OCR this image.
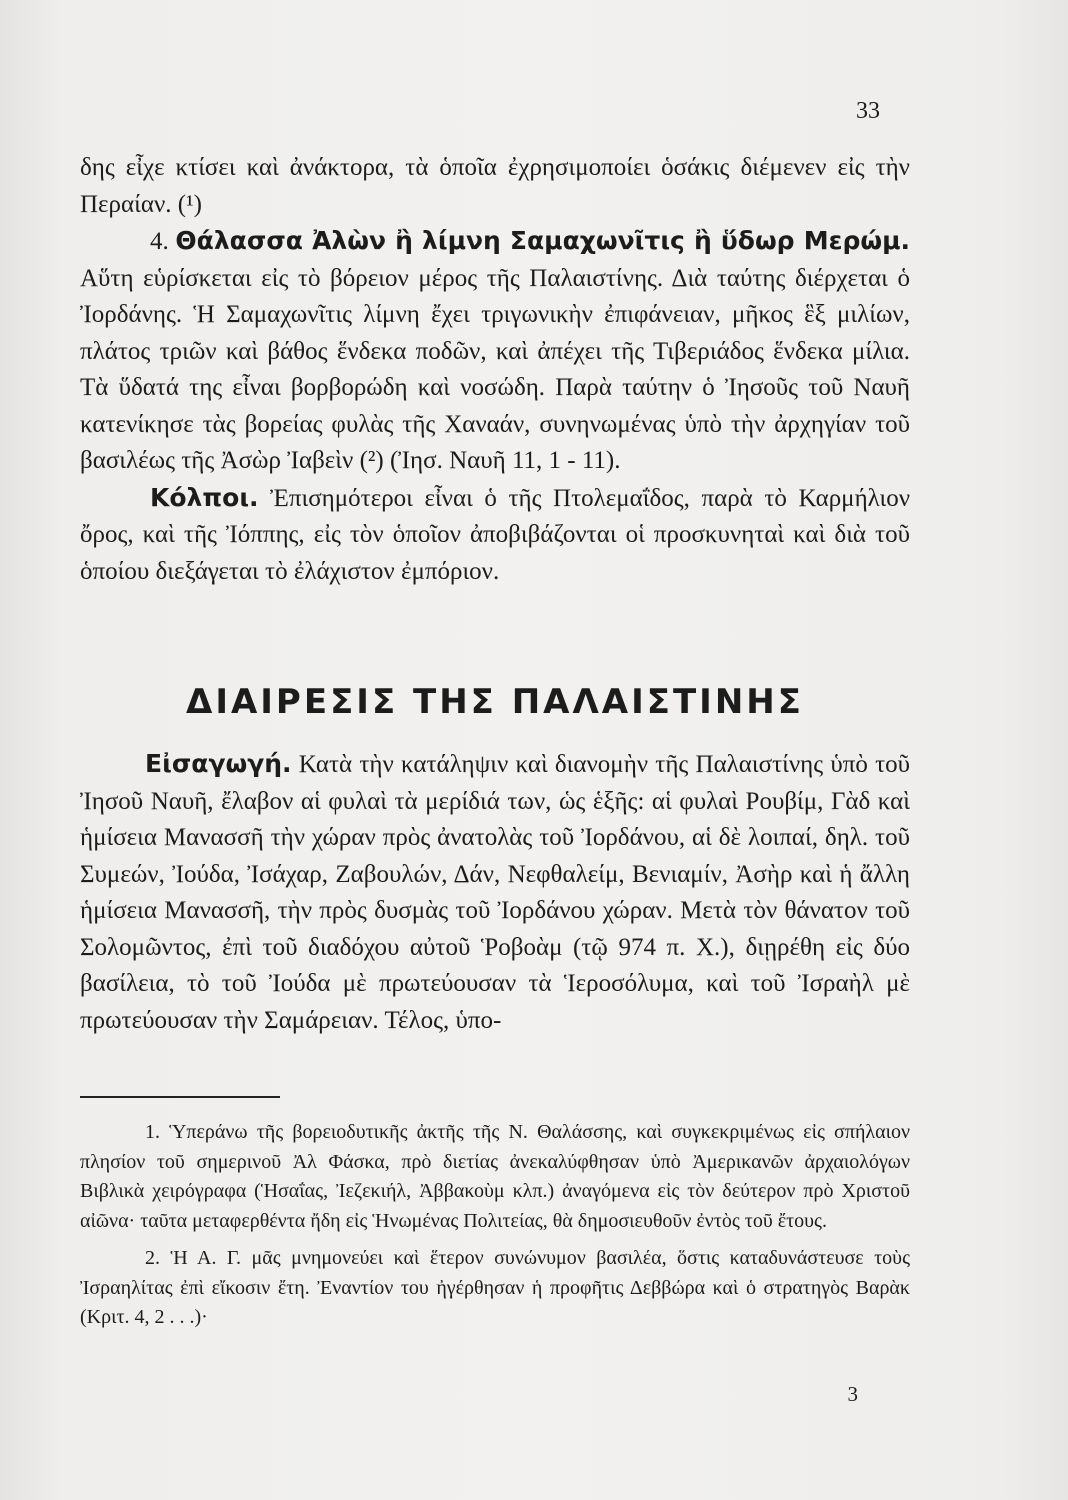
33

δης εἶχε κτίσει καὶ ἀνάκτορα, τὰ ὁποῖα ἐχρησιμοποίει ὁσάκις διέμενεν εἰς τὴν Περαίαν. (¹)

4. Θάλασσα Ἀλὼν ἢ λίμνη Σαμαχωνῖτις ἢ ὕδωρ Μερώμ. Αὕτη εὑρίσκεται εἰς τὸ βόρειον μέρος τῆς Παλαιστίνης. Διὰ ταύτης διέρχεται ὁ Ἰορδάνης. Ἡ Σαμαχωνῖτις λίμνη ἔχει τριγωνικὴν ἐπιφάνειαν, μῆκος ἓξ μιλίων, πλάτος τριῶν καὶ βάθος ἕνδεκα ποδῶν, καὶ ἀπέχει τῆς Τιβεριάδος ἕνδεκα μίλια. Τὰ ὕδατά της εἶναι βορβορώδη καὶ νοσώδη. Παρὰ ταύτην ὁ Ἰησοῦς τοῦ Ναυῆ κατενίκησε τὰς βορείας φυλὰς τῆς Χαναάν, συνηνωμένας ὑπὸ τὴν ἀρχηγίαν τοῦ βασιλέως τῆς Ἀσὼρ Ἰαβεὶν (²) (Ἰησ. Ναυῆ 11, 1 - 11).

Κόλποι. Ἐπισημότεροι εἶναι ὁ τῆς Πτολεμαΐδος, παρὰ τὸ Καρμήλιον ὄρος, καὶ τῆς Ἰόππης, εἰς τὸν ὁποῖον ἀποβιβάζονται οἱ προσκυνηταὶ καὶ διὰ τοῦ ὁποίου διεξάγεται τὸ ἐλάχιστον ἐμπόριον.

ΔΙΑΙΡΕΣΙΣ ΤΗΣ ΠΑΛΑΙΣΤΙΝΗΣ

Εἰσαγωγή. Κατὰ τὴν κατάληψιν καὶ διανομὴν τῆς Παλαιστίνης ὑπὸ τοῦ Ἰησοῦ Ναυῆ, ἔλαβον αἱ φυλαὶ τὰ μερίδιά των, ὡς ἑξῆς: αἱ φυλαὶ Ρουβίμ, Γὰδ καὶ ἡμίσεια Μανασσῆ τὴν χώραν πρὸς ἀνατολὰς τοῦ Ἰορδάνου, αἱ δὲ λοιπαί, δηλ. τοῦ Συμεών, Ἰούδα, Ἰσάχαρ, Ζαβουλών, Δάν, Νεφθαλείμ, Βενιαμίν, Ἀσὴρ καὶ ἡ ἄλλη ἡμίσεια Μανασσῆ, τὴν πρὸς δυσμὰς τοῦ Ἰορδάνου χώραν. Μετὰ τὸν θάνατον τοῦ Σολομῶντος, ἐπὶ τοῦ διαδόχου αὐτοῦ Ῥοβοὰμ (τῷ 974 π. Χ.), διῃρέθη εἰς δύο βασίλεια, τὸ τοῦ Ἰούδα μὲ πρωτεύουσαν τὰ Ἱεροσόλυμα, καὶ τοῦ Ἰσραὴλ μὲ πρωτεύουσαν τὴν Σαμάρειαν. Τέλος, ὑπο-

1. Ὑπεράνω τῆς βορειοδυτικῆς ἀκτῆς τῆς Ν. Θαλάσσης, καὶ συγκεκριμένως εἰς σπήλαιον πλησίον τοῦ σημερινοῦ Ἀλ Φάσκα, πρὸ διετίας ἀνεκαλύφθησαν ὑπὸ Ἀμερικανῶν ἀρχαιολόγων Βιβλικὰ χειρόγραφα (Ἡσαΐας, Ἰεζεκιήλ, Ἀββακοὺμ κλπ.) ἀναγόμενα εἰς τὸν δεύτερον πρὸ Χριστοῦ αἰῶνα· ταῦτα μεταφερθέντα ἤδη εἰς Ἡνωμένας Πολιτείας, θὰ δημοσιευθοῦν ἐντὸς τοῦ ἔτους.

2. Ἡ Α. Γ. μᾶς μνημονεύει καὶ ἕτερον συνώνυμον βασιλέα, ὅστις καταδυνάστευσε τοὺς Ἰσραηλίτας ἐπὶ εἴκοσιν ἔτη. Ἐναντίον του ἠγέρθησαν ἡ προφῆτις Δεββώρα καὶ ὁ στρατηγὸς Βαρὰκ (Κριτ. 4, 2 . . .)·

3
